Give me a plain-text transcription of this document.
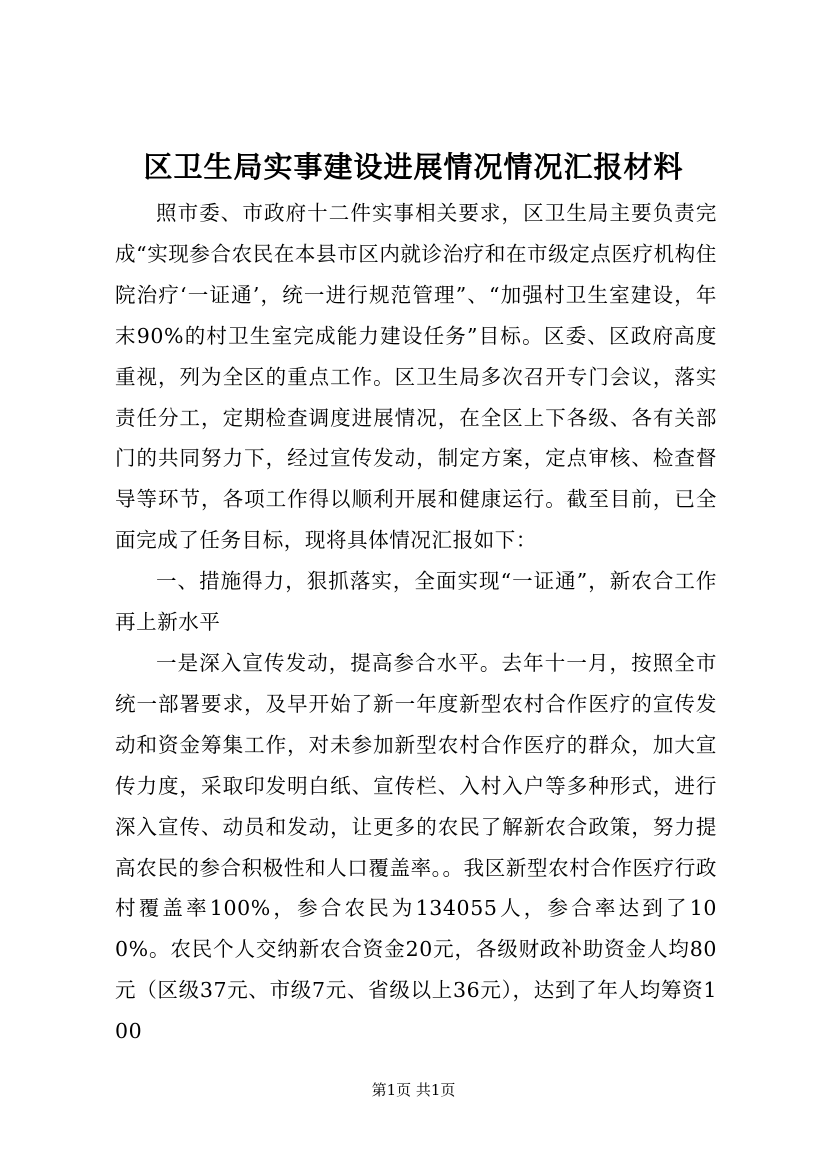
区卫生局实事建设进展情况情况汇报材料

照市委、市政府十二件实事相关要求，区卫生局主要负责完成“实现参合农民在本县市区内就诊治疗和在市级定点医疗机构住院治疗‘一证通’，统一进行规范管理”、“加强村卫生室建设，年末90%的村卫生室完成能力建设任务”目标。区委、区政府高度重视，列为全区的重点工作。区卫生局多次召开专门会议，落实责任分工，定期检查调度进展情况，在全区上下各级、各有关部门的共同努力下，经过宣传发动，制定方案，定点审核、检查督导等环节，各项工作得以顺利开展和健康运行。截至目前，已全面完成了任务目标，现将具体情况汇报如下：

一、措施得力，狠抓落实，全面实现“一证通”，新农合工作再上新水平

一是深入宣传发动，提高参合水平。去年十一月，按照全市统一部署要求，及早开始了新一年度新型农村合作医疗的宣传发动和资金筹集工作，对未参加新型农村合作医疗的群众，加大宣传力度，采取印发明白纸、宣传栏、入村入户等多种形式，进行深入宣传、动员和发动，让更多的农民了解新农合政策，努力提高农民的参合积极性和人口覆盖率。。我区新型农村合作医疗行政村覆盖率100%，参合农民为134055人，参合率达到了100%。农民个人交纳新农合资金20元，各级财政补助资金人均80元（区级37元、市级7元、省级以上36元），达到了年人均筹资100

第1页 共1页
